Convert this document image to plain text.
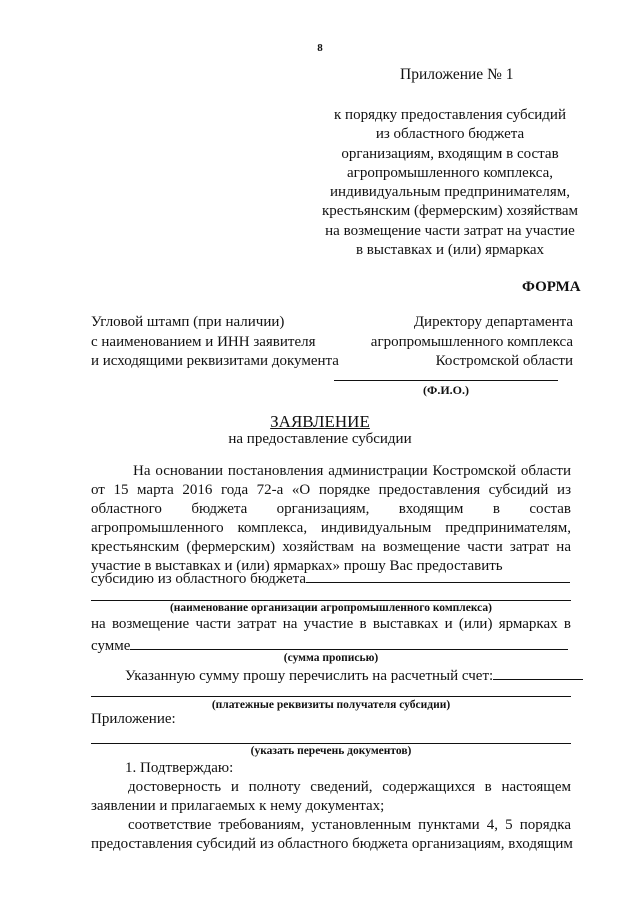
8
Приложение № 1
к порядку предоставления субсидий
из областного бюджета
организациям, входящим в состав
агропромышленного комплекса,
индивидуальным предпринимателям,
крестьянским (фермерским) хозяйствам
на возмещение части затрат на участие
в выставках и (или) ярмарках
ФОРМА
Угловой штамп (при наличии)
с наименованием и ИНН заявителя
и исходящими реквизитами документа
Директору департамента
агропромышленного комплекса
Костромской области
(Ф.И.О.)
ЗАЯВЛЕНИЕ
на предоставление субсидии
На основании постановления администрации Костромской области от 15 марта 2016 года 72-а «О порядке предоставления субсидий из областного бюджета организациям, входящим в состав агропромышленного комплекса, индивидуальным предпринимателям, крестьянским (фермерским) хозяйствам на возмещение части затрат на участие в выставках и (или) ярмарках» прошу Вас предоставить
субсидию из областного бюджета
(наименование организации агропромышленного комплекса)
на возмещение части затрат на участие в выставках и (или) ярмарках в
сумме
(сумма прописью)
Указанную сумму прошу перечислить на расчетный счет:
(платежные реквизиты получателя субсидии)
Приложение:
(указать перечень документов)
1. Подтверждаю:
достоверность и полноту сведений, содержащихся в настоящем
заявлении и прилагаемых к нему документах;
соответствие требованиям, установленным пунктами 4, 5 порядка
предоставления субсидий из областного бюджета организациям, входящим
